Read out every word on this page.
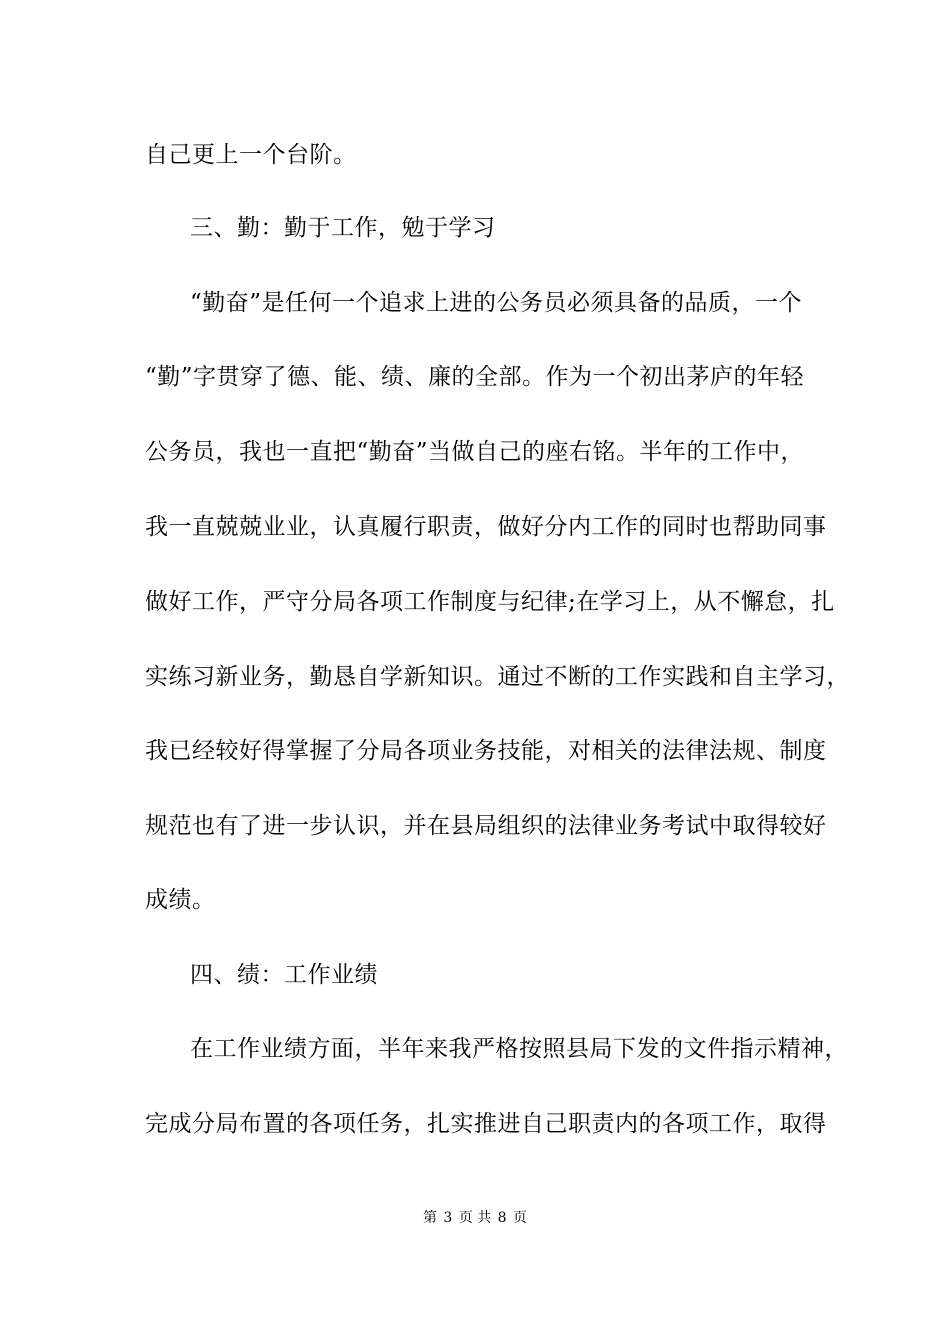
自己更上一个台阶。
三、勤：勤于工作，勉于学习
“勤奋”是任何一个追求上进的公务员必须具备的品质，一个
“勤”字贯穿了德、能、绩、廉的全部。作为一个初出茅庐的年轻
公务员，我也一直把“勤奋”当做自己的座右铭。半年的工作中，
我一直兢兢业业，认真履行职责，做好分内工作的同时也帮助同事
做好工作，严守分局各项工作制度与纪律;在学习上，从不懈怠，扎
实练习新业务，勤恳自学新知识。通过不断的工作实践和自主学习，
我已经较好得掌握了分局各项业务技能，对相关的法律法规、制度
规范也有了进一步认识，并在县局组织的法律业务考试中取得较好
成绩。
四、绩：工作业绩
在工作业绩方面，半年来我严格按照县局下发的文件指示精神，
完成分局布置的各项任务，扎实推进自己职责内的各项工作，取得
第 3 页 共 8 页
